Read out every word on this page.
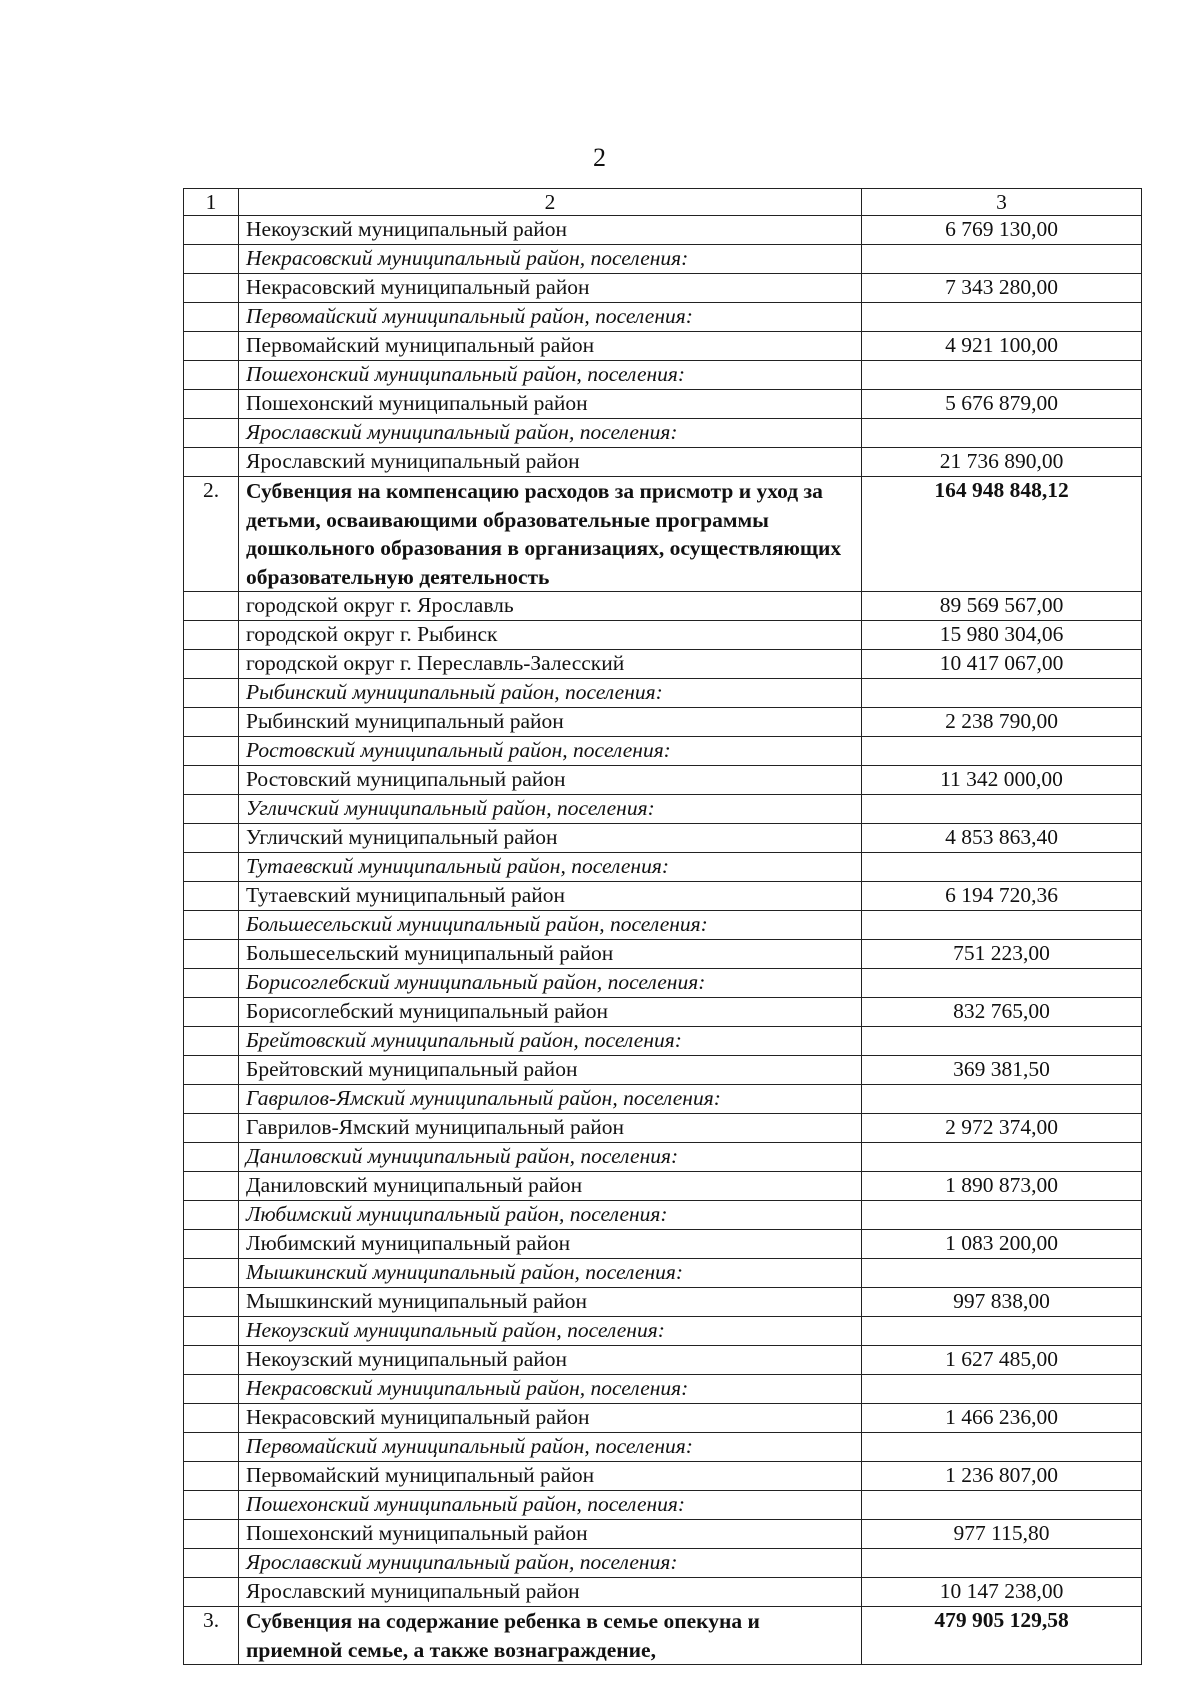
2
1	2	3
	Некоузский муниципальный район	6 769 130,00
	Некрасовский муниципальный район, поселения:	
	Некрасовский муниципальный район	7 343 280,00
	Первомайский муниципальный район, поселения:	
	Первомайский муниципальный район	4 921 100,00
	Пошехонский муниципальный район, поселения:	
	Пошехонский муниципальный район	5 676 879,00
	Ярославский муниципальный район, поселения:	
	Ярославский муниципальный район	21 736 890,00
2.	Субвенция на компенсацию расходов за присмотр и уход за детьми, осваивающими образовательные программы дошкольного образования в организациях, осуществляющих образовательную деятельность	164 948 848,12
	городской округ г. Ярославль	89 569 567,00
	городской округ г. Рыбинск	15 980 304,06
	городской округ г. Переславль-Залесский	10 417 067,00
	Рыбинский муниципальный район, поселения:	
	Рыбинский муниципальный район	2 238 790,00
	Ростовский муниципальный район, поселения:	
	Ростовский муниципальный район	11 342 000,00
	Угличский муниципальный район, поселения:	
	Угличский муниципальный район	4 853 863,40
	Тутаевский муниципальный район, поселения:	
	Тутаевский муниципальный район	6 194 720,36
	Большесельский муниципальный район, поселения:	
	Большесельский муниципальный район	751 223,00
	Борисоглебский муниципальный район, поселения:	
	Борисоглебский муниципальный район	832 765,00
	Брейтовский муниципальный район, поселения:	
	Брейтовский муниципальный район	369 381,50
	Гаврилов-Ямский муниципальный район, поселения:	
	Гаврилов-Ямский муниципальный район	2 972 374,00
	Даниловский муниципальный район, поселения:	
	Даниловский муниципальный район	1 890 873,00
	Любимский муниципальный район, поселения:	
	Любимский муниципальный район	1 083 200,00
	Мышкинский муниципальный район, поселения:	
	Мышкинский муниципальный район	997 838,00
	Некоузский муниципальный район, поселения:	
	Некоузский муниципальный район	1 627 485,00
	Некрасовский муниципальный район, поселения:	
	Некрасовский муниципальный район	1 466 236,00
	Первомайский муниципальный район, поселения:	
	Первомайский муниципальный район	1 236 807,00
	Пошехонский муниципальный район, поселения:	
	Пошехонский муниципальный район	977 115,80
	Ярославский муниципальный район, поселения:	
	Ярославский муниципальный район	10 147 238,00
3.	Субвенция на содержание ребенка в семье опекуна и приемной семье, а также вознаграждение,	479 905 129,58
